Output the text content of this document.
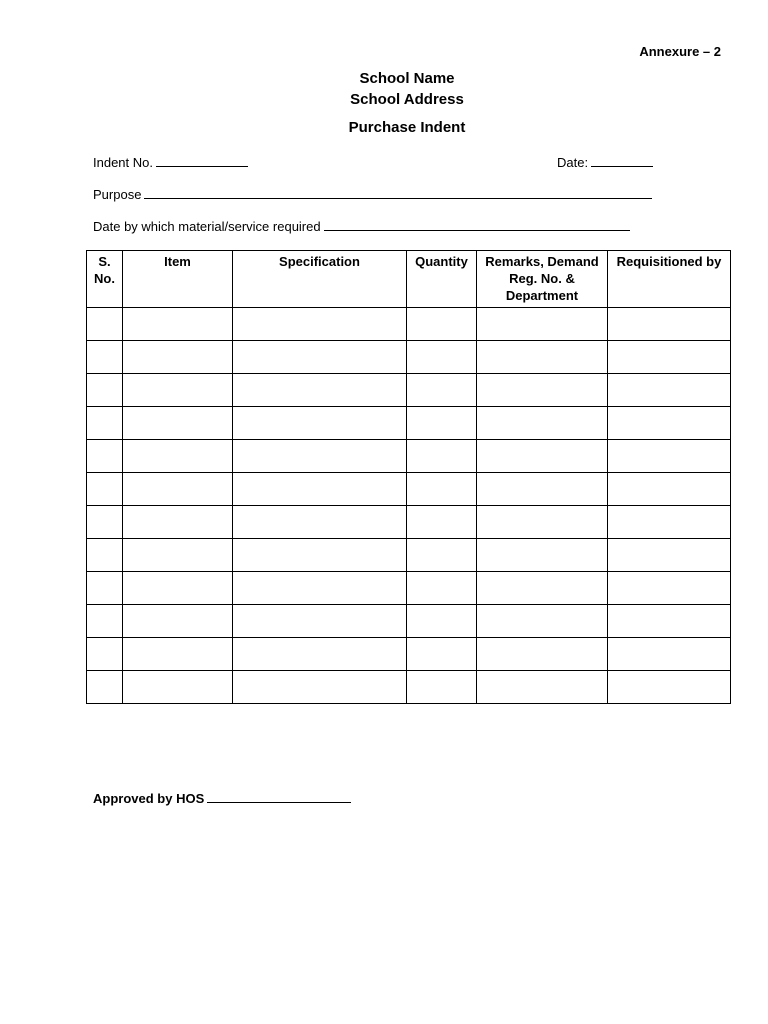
Annexure – 2
School Name
School Address
Purchase Indent
Indent No.	Date:
Purpose
Date by which material/service required
S. No.	Item	Specification	Quantity	Remarks, Demand Reg. No. & Department	Requisitioned by

Approved by HOS
